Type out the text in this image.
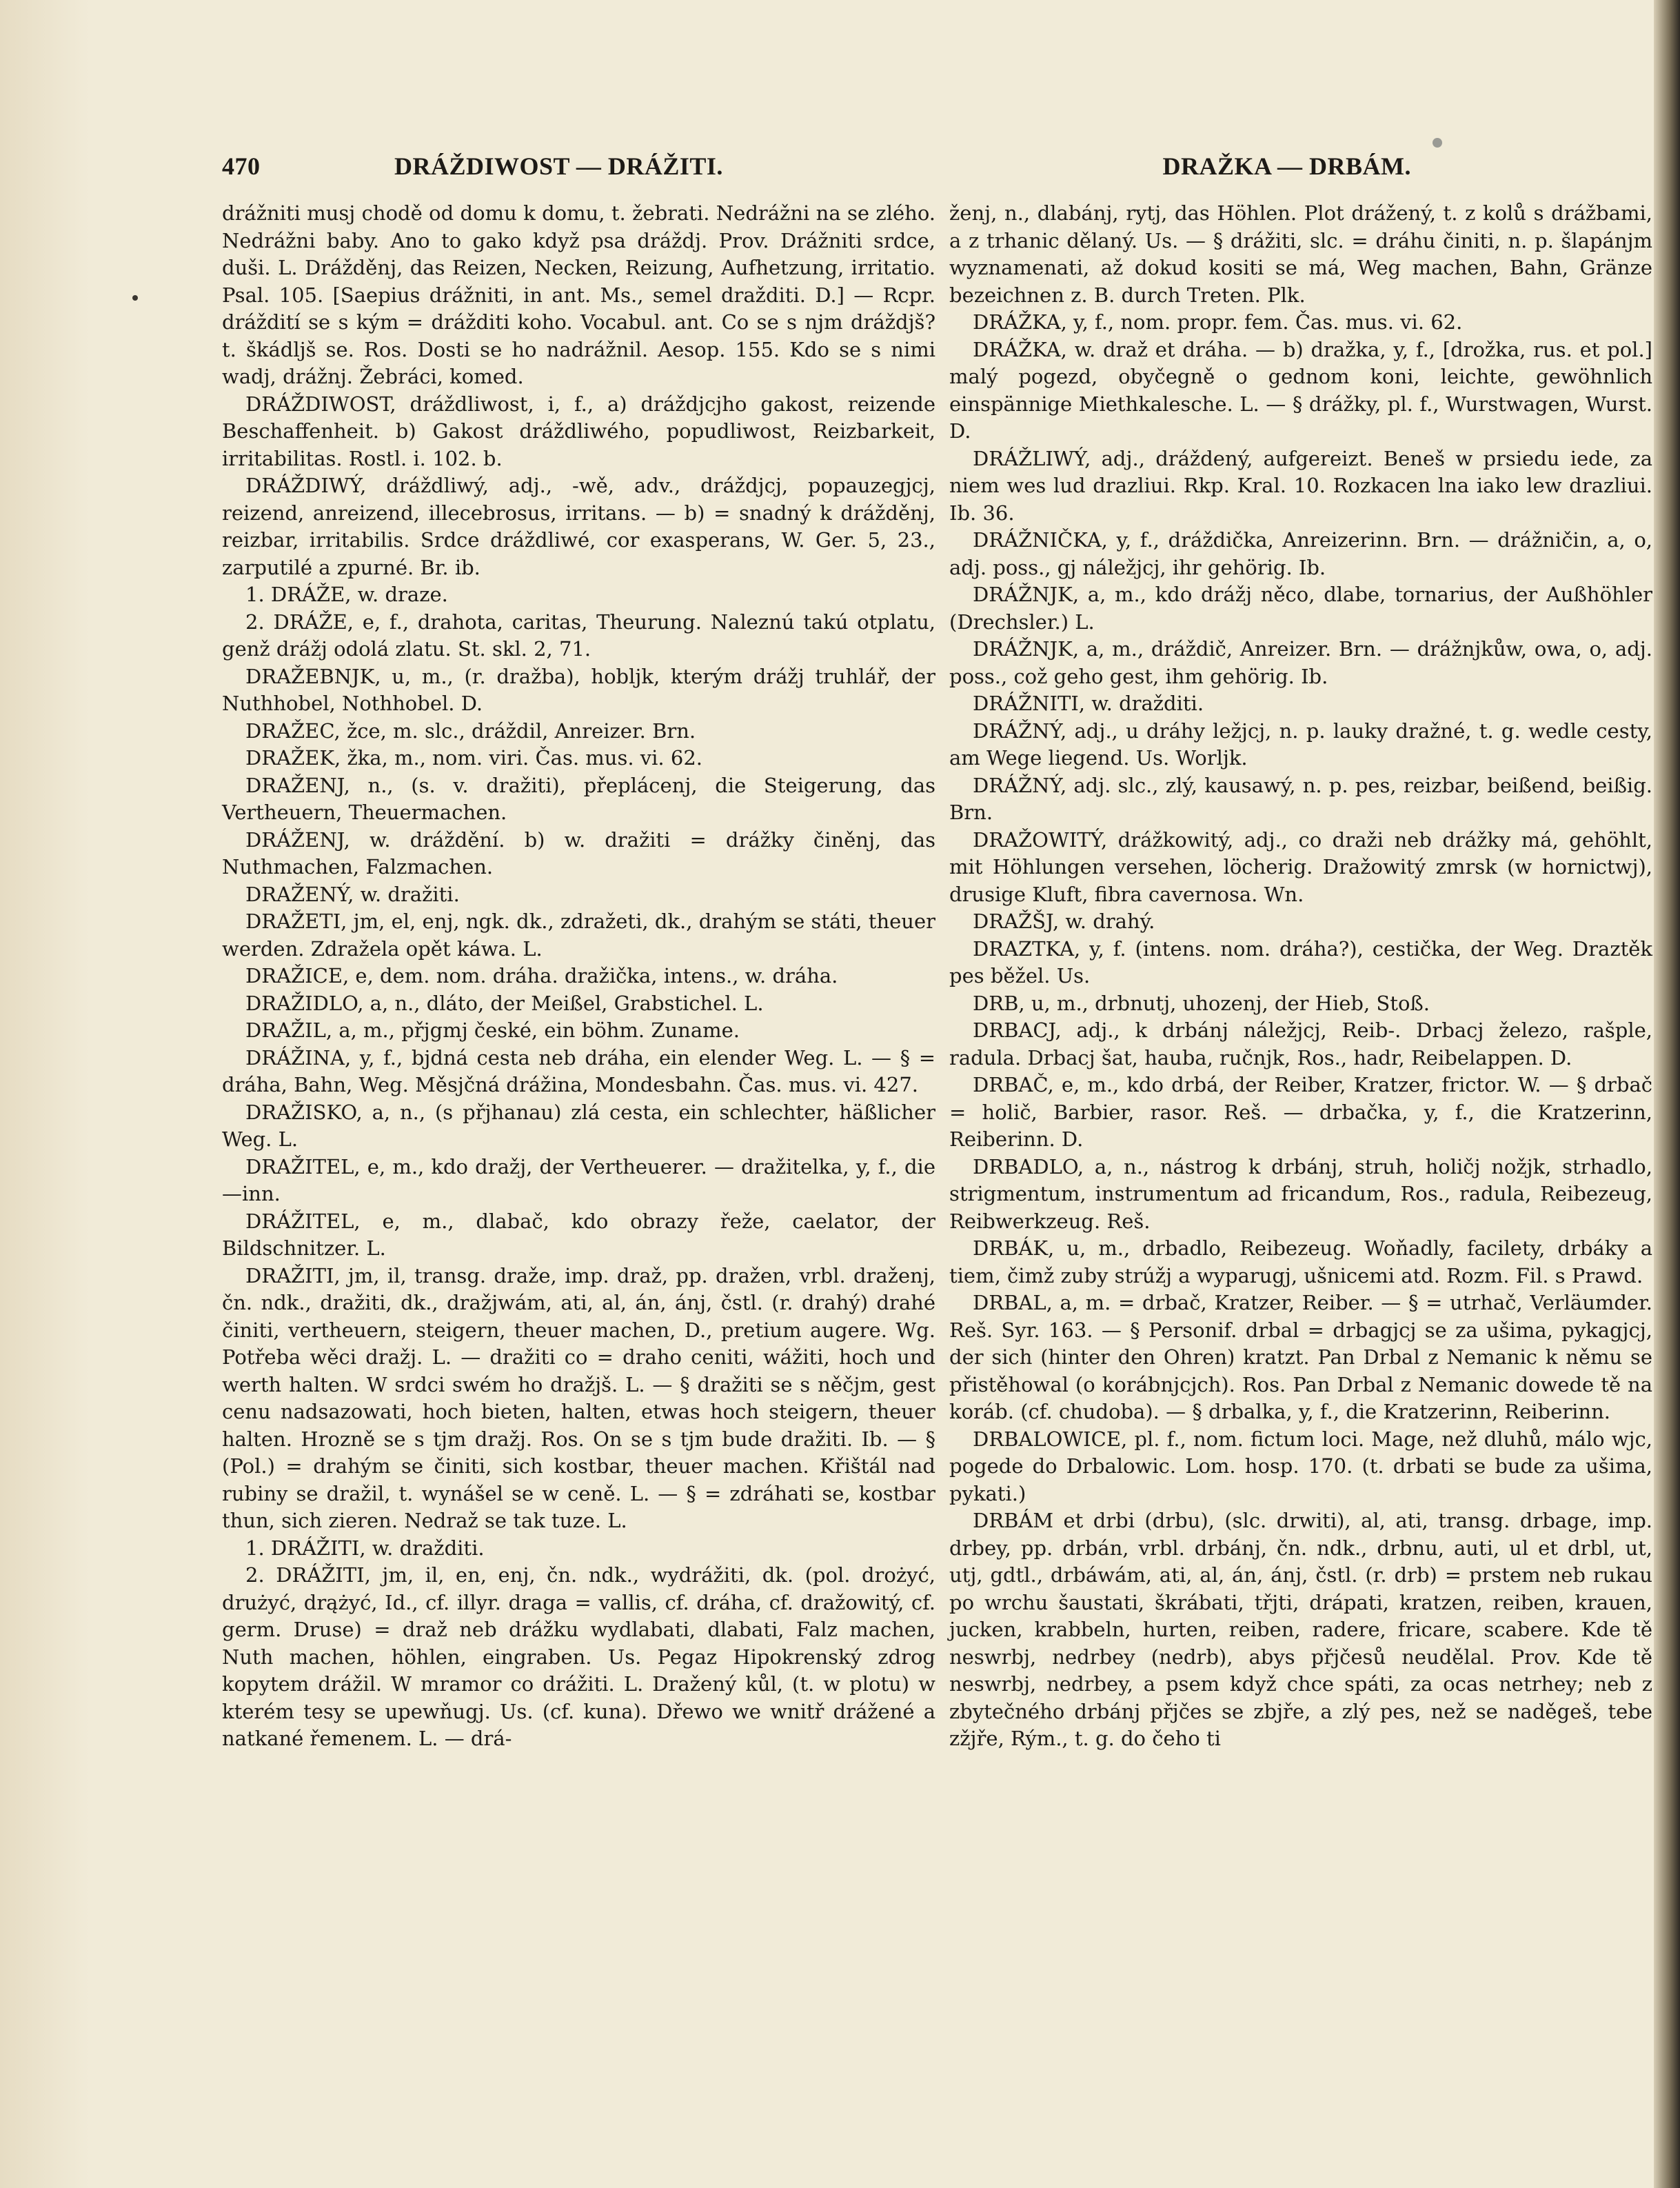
470	DRÁŽDIWOST — DRÁŽITI.	DRAŽKA — DRBÁM.

drážniti musj chodě od domu k domu, t. žebrati. Nedrážni na se zlého. Nedrážni baby. Ano to gako když psa dráždj. Prov. Drážniti srdce, duši. L. Drážděnj, das Reizen, Necken, Reizung, Aufhetzung, irritatio. Psal. 105. [Saepius drážniti, in ant. Ms., semel dražditi. D.] — Rcpr. dráždití se s kým = drážditi koho. Vocabul. ant. Co se s njm dráždjš? t. škádljš se. Ros. Dosti se ho nadrážnil. Aesop. 155. Kdo se s nimi wadj, drážnj. Žebráci, komed.

DRÁŽDIWOST, dráždliwost, i, f., a) dráždjcjho gakost, reizende Beschaffenheit. b) Gakost dráždliwého, popudliwost, Reizbarkeit, irritabilitas. Rostl. i. 102. b.

DRÁŽDIWÝ, dráždliwý, adj., -wě, adv., dráždjcj, popauzegjcj, reizend, anreizend, illecebrosus, irritans. — b) = snadný k drážděnj, reizbar, irritabilis. Srdce dráždliwé, cor exasperans, W. Ger. 5, 23., zarputilé a zpurné. Br. ib.

1. DRÁŽE, w. draze.

2. DRÁŽE, e, f., drahota, caritas, Theurung. Naleznú takú otplatu, genž drážj odolá zlatu. St. skl. 2, 71.

DRAŽEBNJK, u, m., (r. dražba), hobljk, kterým drážj truhlář, der Nuthhobel, Nothhobel. D.

DRAŽEC, žce, m. slc., dráždil, Anreizer. Brn.

DRAŽEK, žka, m., nom. viri. Čas. mus. vi. 62.

DRAŽENJ, n., (s. v. dražiti), přeplácenj, die Steigerung, das Vertheuern, Theuermachen.

DRÁŽENJ, w. dráždění. b) w. dražiti = drážky činěnj, das Nuthmachen, Falzmachen.

DRAŽENÝ, w. dražiti.

DRAŽETI, jm, el, enj, ngk. dk., zdražeti, dk., drahým se státi, theuer werden. Zdražela opět káwa. L.

DRAŽICE, e, dem. nom. dráha. dražička, intens., w. dráha.

DRAŽIDLO, a, n., dláto, der Meißel, Grabstichel. L.

DRAŽIL, a, m., přjgmj české, ein böhm. Zuname.

DRÁŽINA, y, f., bjdná cesta neb dráha, ein elender Weg. L. — § = dráha, Bahn, Weg. Měsjčná drážina, Mondesbahn. Čas. mus. vi. 427.

DRAŽISKO, a, n., (s přjhanau) zlá cesta, ein schlechter, häßlicher Weg. L.

DRAŽITEL, e, m., kdo dražj, der Vertheuerer. — dražitelka, y, f., die —inn.

DRÁŽITEL, e, m., dlabač, kdo obrazy řeže, caelator, der Bildschnitzer. L.

DRAŽITI, jm, il, transg. draže, imp. draž, pp. dražen, vrbl. draženj, čn. ndk., dražiti, dk., dražjwám, ati, al, án, ánj, čstl. (r. drahý) drahé činiti, vertheuern, steigern, theuer machen, D., pretium augere. Wg. Potřeba wěci dražj. L. — dražiti co = draho ceniti, wážiti, hoch und werth halten. W srdci swém ho dražjš. L. — § dražiti se s něčjm, gest cenu nadsazowati, hoch bieten, halten, etwas hoch steigern, theuer halten. Hrozně se s tjm dražj. Ros. On se s tjm bude dražiti. Ib. — § (Pol.) = drahým se činiti, sich kostbar, theuer machen. Křištál nad rubiny se dražil, t. wynášel se w ceně. L. — § = zdráhati se, kostbar thun, sich zieren. Nedraž se tak tuze. L.

1. DRÁŽITI, w. dražditi.

2. DRÁŽITI, jm, il, en, enj, čn. ndk., wydrážiti, dk. (pol. drożyć, drużyć, drążyć, Id., cf. illyr. draga = vallis, cf. dráha, cf. dražowitý, cf. germ. Druse) = draž neb drážku wydlabati, dlabati, Falz machen, Nuth machen, höhlen, eingraben. Us. Pegaz Hipokrenský zdrog kopytem drážil. W mramor co drážiti. L. Dražený kůl, (t. w plotu) w kterém tesy se upewňugj. Us. (cf. kuna). Dřewo we wnitř drážené a natkané řemenem. L. — drá-

ženj, n., dlabánj, rytj, das Höhlen. Plot drážený, t. z kolů s drážbami, a z trhanic dělaný. Us. — § drážiti, slc. = dráhu činiti, n. p. šlapánjm wyznamenati, až dokud kositi se má, Weg machen, Bahn, Gränze bezeichnen z. B. durch Treten. Plk.

DRÁŽKA, y, f., nom. propr. fem. Čas. mus. vi. 62.

DRÁŽKA, w. draž et dráha. — b) dražka, y, f., [drožka, rus. et pol.] malý pogezd, obyčegně o gednom koni, leichte, gewöhnlich einspännige Miethkalesche. L. — § drážky, pl. f., Wurstwagen, Wurst. D.

DRÁŽLIWÝ, adj., dráždený, aufgereizt. Beneš w prsiedu iede, za niem wes lud drazliui. Rkp. Kral. 10. Rozkacen lna iako lew drazliui. Ib. 36.

DRÁŽNIČKA, y, f., dráždička, Anreizerinn. Brn. — drážničin, a, o, adj. poss., gj náležjcj, ihr gehörig. Ib.

DRÁŽNJK, a, m., kdo drážj něco, dlabe, tornarius, der Außhöhler (Drechsler.) L.

DRÁŽNJK, a, m., dráždič, Anreizer. Brn. — drážnjkůw, owa, o, adj. poss., což geho gest, ihm gehörig. Ib.

DRÁŽNITI, w. dražditi.

DRÁŽNÝ, adj., u dráhy ležjcj, n. p. lauky dražné, t. g. wedle cesty, am Wege liegend. Us. Worljk.

DRÁŽNÝ, adj. slc., zlý, kausawý, n. p. pes, reizbar, beißend, beißig. Brn.

DRAŽOWITÝ, drážkowitý, adj., co draži neb drážky má, gehöhlt, mit Höhlungen versehen, löcherig. Dražowitý zmrsk (w hornictwj), drusige Kluft, fibra cavernosa. Wn.

DRAŽŠJ, w. drahý.

DRAZTKA, y, f. (intens. nom. dráha?), cestička, der Weg. Draztěk pes běžel. Us.

DRB, u, m., drbnutj, uhozenj, der Hieb, Stoß.

DRBACJ, adj., k drbánj náležjcj, Reib-. Drbacj železo, rašple, radula. Drbacj šat, hauba, ručnjk, Ros., hadr, Reibelappen. D.

DRBAČ, e, m., kdo drbá, der Reiber, Kratzer, frictor. W. — § drbač = holič, Barbier, rasor. Reš. — drbačka, y, f., die Kratzerinn, Reiberinn. D.

DRBADLO, a, n., nástrog k drbánj, struh, holičj nožjk, strhadlo, strigmentum, instrumentum ad fricandum, Ros., radula, Reibezeug, Reibwerkzeug. Reš.

DRBÁK, u, m., drbadlo, Reibezeug. Woňadly, facilety, drbáky a tiem, čimž zuby strúžj a wyparugj, ušnicemi atd. Rozm. Fil. s Prawd.

DRBAL, a, m. = drbač, Kratzer, Reiber. — § = utrhač, Verläumder. Reš. Syr. 163. — § Personif. drbal = drbagjcj se za ušima, pykagjcj, der sich (hinter den Ohren) kratzt. Pan Drbal z Nemanic k němu se přistěhowal (o korábnjcjch). Ros. Pan Drbal z Nemanic dowede tě na koráb. (cf. chudoba). — § drbalka, y, f., die Kratzerinn, Reiberinn.

DRBALOWICE, pl. f., nom. fictum loci. Mage, než dluhů, málo wjc, pogede do Drbalowic. Lom. hosp. 170. (t. drbati se bude za ušima, pykati.)

DRBÁM et drbi (drbu), (slc. drwiti), al, ati, transg. drbage, imp. drbey, pp. drbán, vrbl. drbánj, čn. ndk., drbnu, auti, ul et drbl, ut, utj, gdtl., drbáwám, ati, al, án, ánj, čstl. (r. drb) = prstem neb rukau po wrchu šaustati, škrábati, třjti, drápati, kratzen, reiben, krauen, jucken, krabbeln, hurten, reiben, radere, fricare, scabere. Kde tě neswrbj, nedrbey (nedrb), abys přjčesů neudělal. Prov. Kde tě neswrbj, nedrbey, a psem když chce spáti, za ocas netrhey; neb z zbytečného drbánj přjčes se zbjře, a zlý pes, než se naděgeš, tebe zžjře, Rým., t. g. do čeho ti
